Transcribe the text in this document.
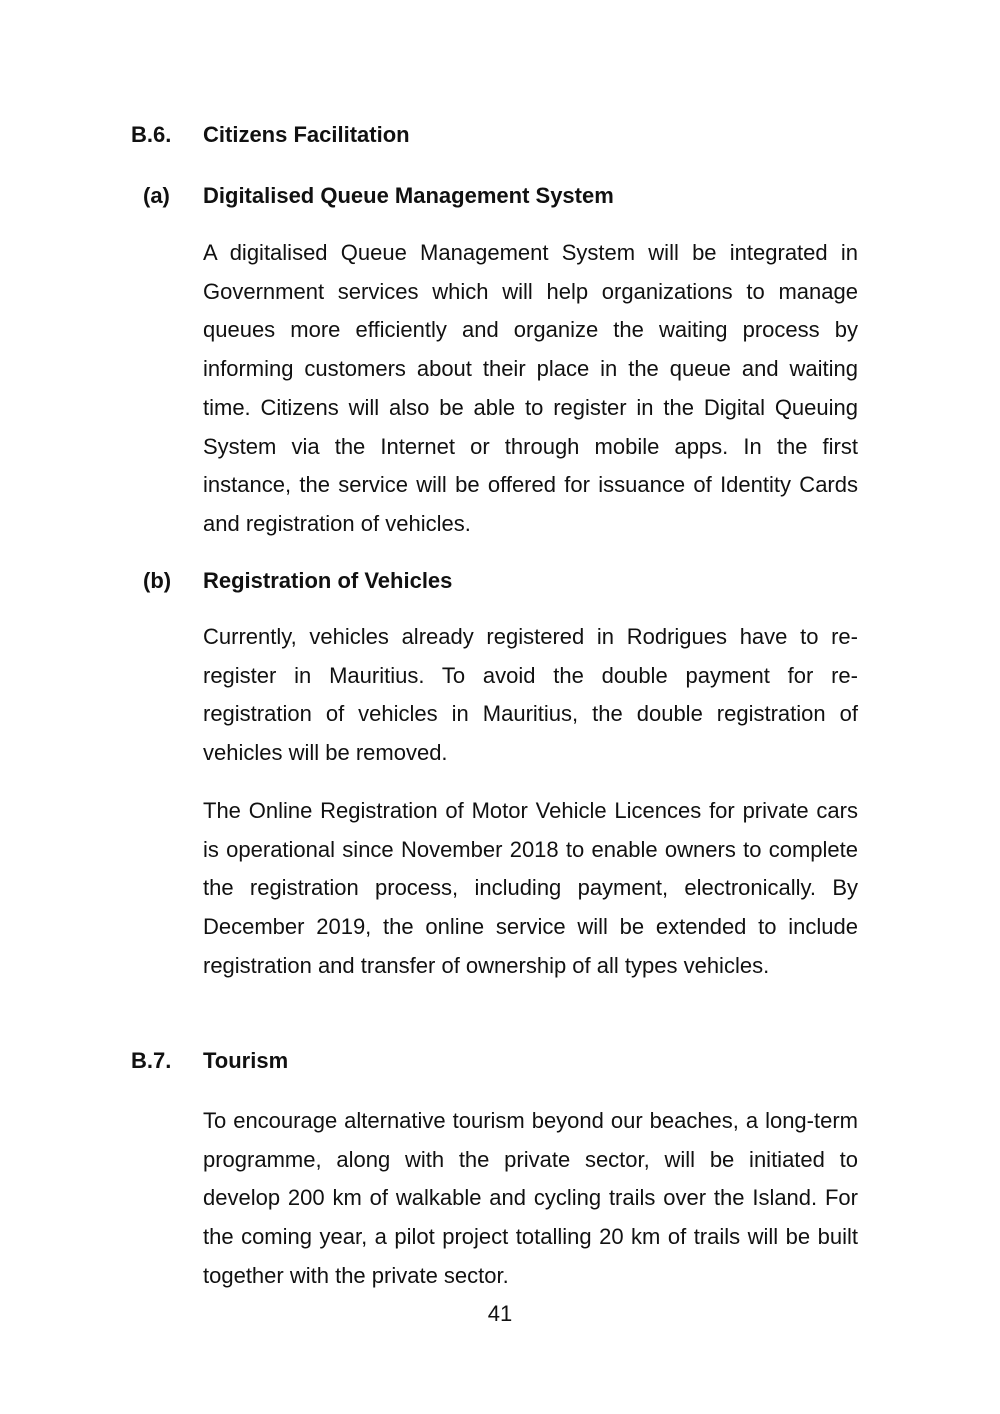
B.6. Citizens Facilitation
(a) Digitalised Queue Management System

A digitalised Queue Management System will be integrated in Government services which will help organizations to manage queues more efficiently and organize the waiting process by informing customers about their place in the queue and waiting time. Citizens will also be able to register in the Digital Queuing System via the Internet or through mobile apps. In the first instance, the service will be offered for issuance of Identity Cards and registration of vehicles.

(b) Registration of Vehicles

Currently, vehicles already registered in Rodrigues have to re-register in Mauritius. To avoid the double payment for re-registration of vehicles in Mauritius, the double registration of vehicles will be removed.

The Online Registration of Motor Vehicle Licences for private cars is operational since November 2018 to enable owners to complete the registration process, including payment, electronically. By December 2019, the online service will be extended to include registration and transfer of ownership of all types vehicles.

B.7. Tourism

To encourage alternative tourism beyond our beaches, a long-term programme, along with the private sector, will be initiated to develop 200 km of walkable and cycling trails over the Island. For the coming year, a pilot project totalling 20 km of trails will be built together with the private sector.

41
